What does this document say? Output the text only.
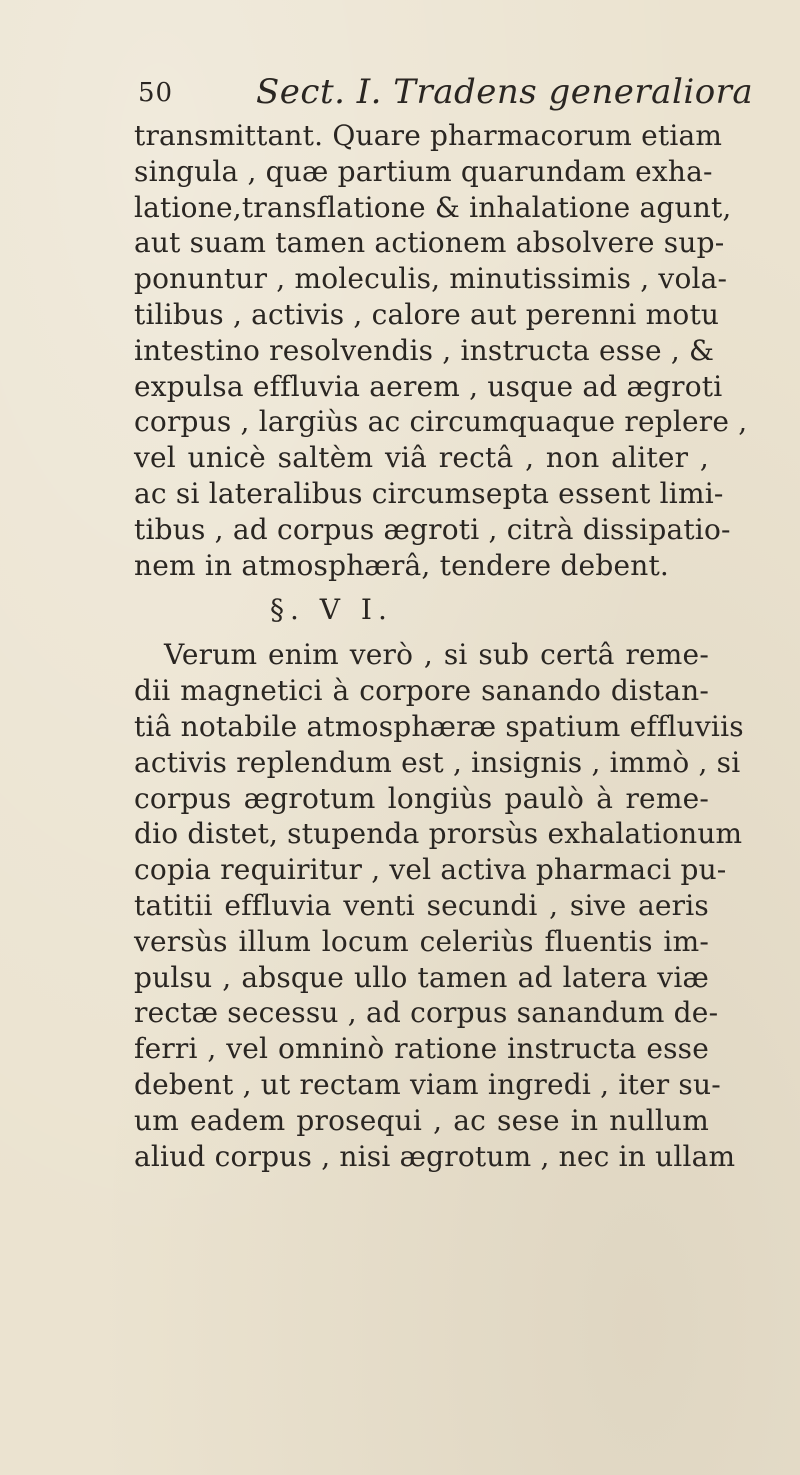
50 Sect. I. Tradens generaliora
transmittant. Quare pharmacorum etiam
singula , quæ partium quarundam exha-
latione,transflatione & inhalatione agunt,
aut suam tamen actionem absolvere sup-
ponuntur , moleculis, minutissimis , vola-
tilibus , activis , calore aut perenni motu
intestino resolvendis , instructa esse , &
expulsa effluvia aerem , usque ad ægroti
corpus , largiùs ac circumquaque replere ,
vel unicè saltèm viâ rectâ , non aliter ,
ac si lateralibus circumsepta essent limi-
tibus , ad corpus ægroti , citrà dissipatio-
nem in atmosphærâ, tendere debent.
§. V I.
Verum enim verò , si sub certâ reme-
dii magnetici à corpore sanando distan-
tiâ notabile atmosphæræ spatium effluviis
activis replendum est , insignis , immò , si
corpus ægrotum longiùs paulò à reme-
dio distet, stupenda prorsùs exhalationum
copia requiritur , vel activa pharmaci pu-
tatitii effluvia venti secundi , sive aeris
versùs illum locum celeriùs fluentis im-
pulsu , absque ullo tamen ad latera viæ
rectæ secessu , ad corpus sanandum de-
ferri , vel omninò ratione instructa esse
debent , ut rectam viam ingredi , iter su-
um eadem prosequi , ac sese in nullum
aliud corpus , nisi ægrotum , nec in ullam
